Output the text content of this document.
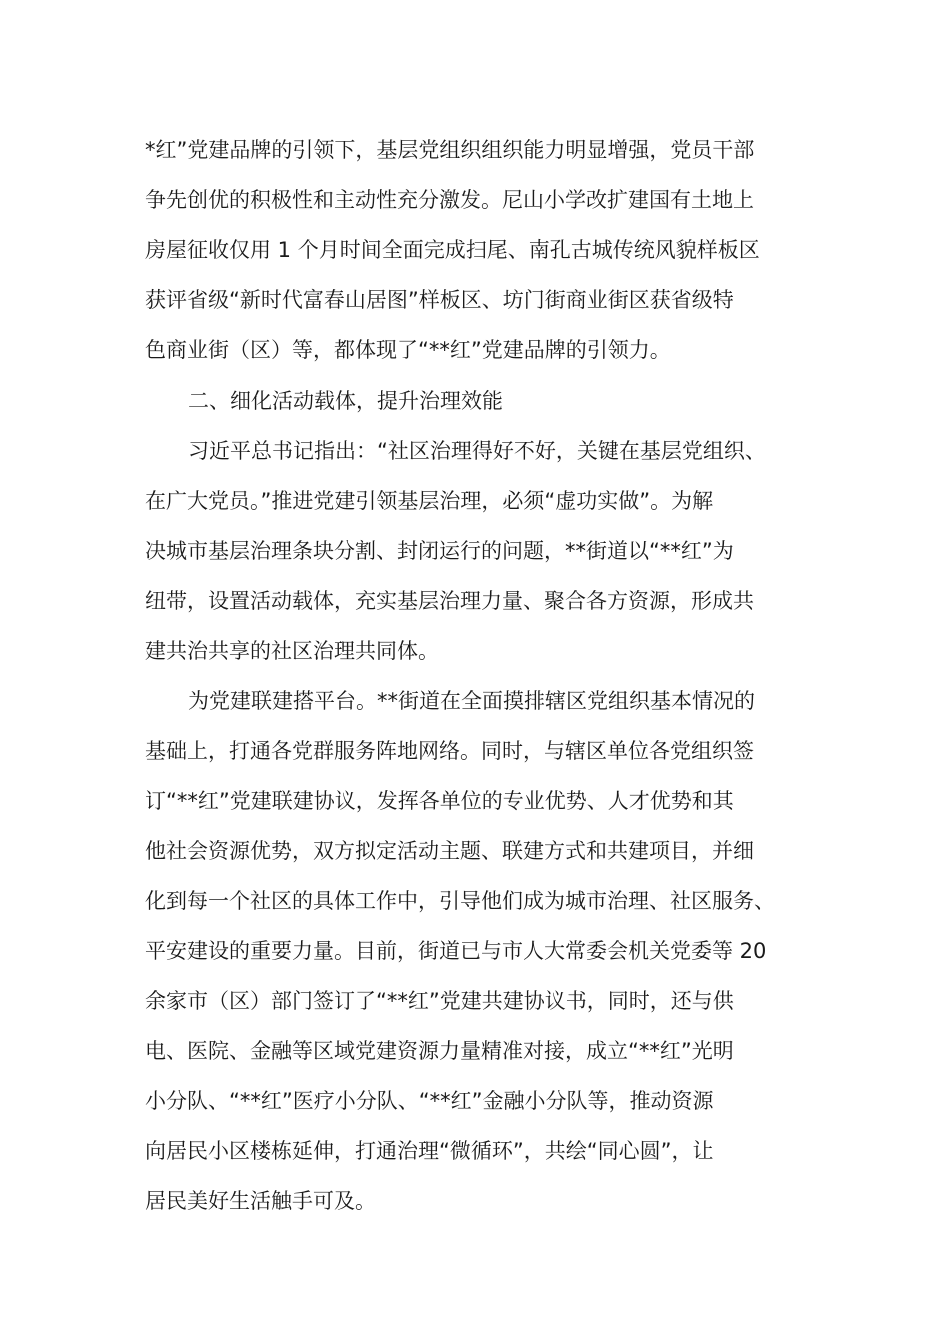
*红”党建品牌的引领下，基层党组织组织能力明显增强，党员干部

争先创优的积极性和主动性充分激发。尼山小学改扩建国有土地上

房屋征收仅用 1 个月时间全面完成扫尾、南孔古城传统风貌样板区

获评省级“新时代富春山居图”样板区、坊门街商业街区获省级特

色商业街（区）等，都体现了“**红”党建品牌的引领力。

二、细化活动载体，提升治理效能

习近平总书记指出：“社区治理得好不好，关键在基层党组织、

在广大党员。”推进党建引领基层治理，必须“虚功实做”。为解

决城市基层治理条块分割、封闭运行的问题，**街道以“**红”为

纽带，设置活动载体，充实基层治理力量、聚合各方资源，形成共

建共治共享的社区治理共同体。

为党建联建搭平台。**街道在全面摸排辖区党组织基本情况的

基础上，打通各党群服务阵地网络。同时，与辖区单位各党组织签

订“**红”党建联建协议，发挥各单位的专业优势、人才优势和其

他社会资源优势，双方拟定活动主题、联建方式和共建项目，并细

化到每一个社区的具体工作中，引导他们成为城市治理、社区服务、

平安建设的重要力量。目前，街道已与市人大常委会机关党委等 20

余家市（区）部门签订了“**红”党建共建协议书，同时，还与供

电、医院、金融等区域党建资源力量精准对接，成立“**红”光明

小分队、“**红”医疗小分队、“**红”金融小分队等，推动资源

向居民小区楼栋延伸，打通治理“微循环”，共绘“同心圆”，让

居民美好生活触手可及。
